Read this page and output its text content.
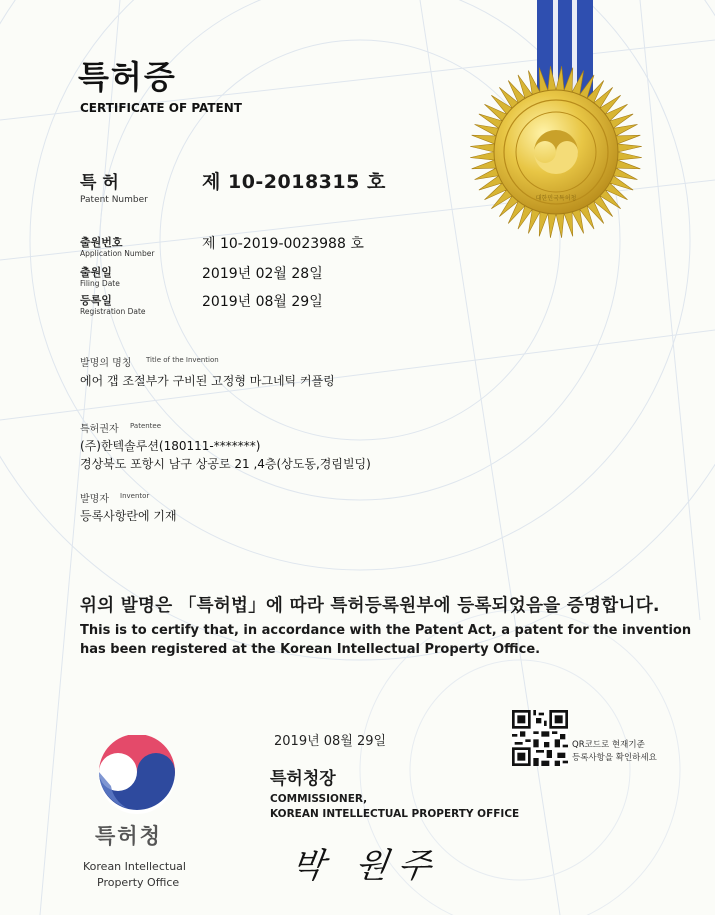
대한민국특허청
특허증
CERTIFICATE OF PATENT
특 허
Patent Number
제 10-2018315 호
출원번호
Application Number
제 10-2019-0023988 호
출원일
Filing Date
2019년 02월 28일
등록일
Registration Date
2019년 08월 29일
발명의 명칭 Title of the Invention
에어 갭 조절부가 구비된 고정형 마그네틱 커플링
특허권자 Patentee
(주)한텍솔루션(180111-*******)
경상북도 포항시 남구 상공로 21 ,4층(상도동,경림빌딩)
발명자 Inventor
등록사항란에 기재
위의 발명은 「특허법」에 따라 특허등록원부에 등록되었음을 증명합니다.
This is to certify that, in accordance with the Patent Act, a patent for the invention
has been registered at the Korean Intellectual Property Office.
2019년 08월 29일
특허청장
COMMISSIONER,
KOREAN INTELLECTUAL PROPERTY OFFICE
박 원주
QR코드로 현재기준
등록사항을 확인하세요
특허청
Korean Intellectual
Property Office
